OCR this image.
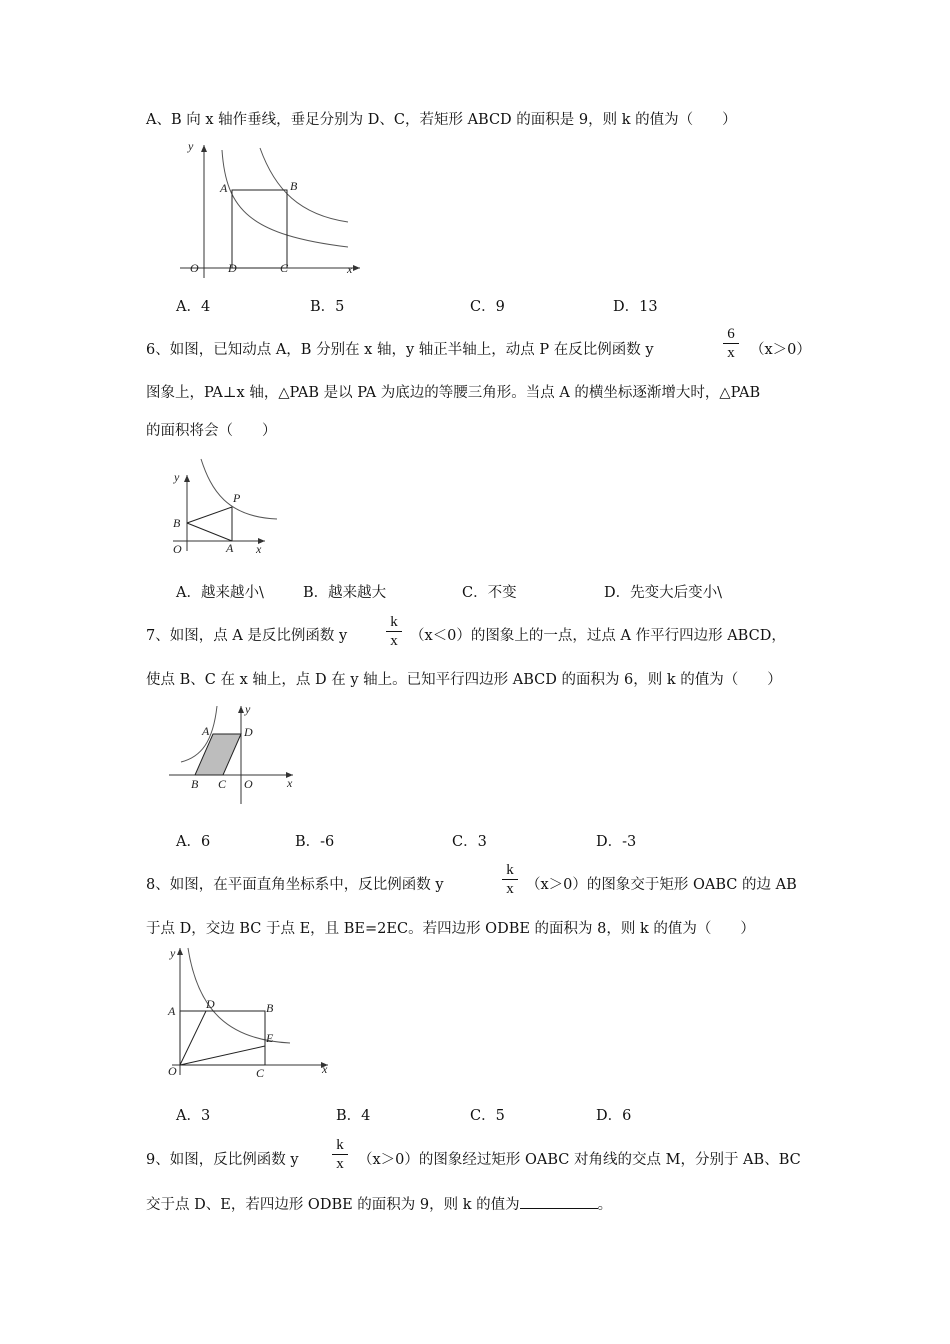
A、B 向 x 轴作垂线，垂足分别为 D、C，若矩形 ABCD 的面积是 9，则 k 的值为（　　）
y
x
O
A	B
D	C
A．4	B．5	C．9	D．13
6、如图，已知动点 A，B 分别在 x 轴，y 轴正半轴上，动点 P 在反比例函数 y
6
x	（x＞0）
图象上，PA⊥x 轴，△PAB 是以 PA 为底边的等腰三角形。当点 A 的横坐标逐渐增大时，△PAB
的面积将会（　　）
y
x
O
B
P
A
A．越来越小\	B．越来越大	C．不变	D．先变大后变小\
7、如图，点 A 是反比例函数 y
k
x （x＜0）的图象上的一点，过点 A 作平行四边形 ABCD，
使点 B、C 在 x 轴上，点 D 在 y 轴上。已知平行四边形 ABCD 的面积为 6，则 k 的值为（　　）
y
x
A	D
B C O
A．6	B．-6	C．3	D．-3
8、如图，在平面直角坐标系中，反比例函数 y
k
x （x＞0）的图象交于矩形 OABC 的边 AB
于点 D，交边 BC 于点 E，且 BE=2EC。若四边形 ODBE 的面积为 8，则 k 的值为（　　）
y
x
A	D	B
E
O	C
A．3	B．4	C．5	D．6
9、如图，反比例函数 y
k
x （x＞0）的图象经过矩形 OABC 对角线的交点 M，分别于 AB、BC
交于点 D、E，若四边形 ODBE 的面积为 9，则 k 的值为	。
